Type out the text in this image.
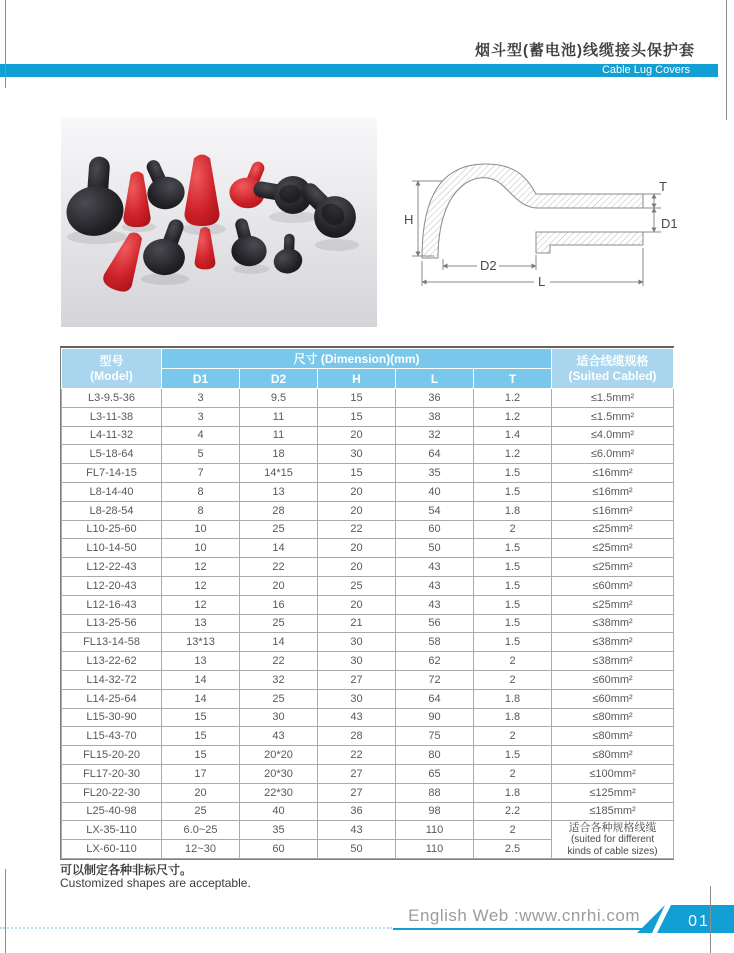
烟斗型(蓄电池)线缆接头保护套
Cable Lug Covers
H
D2
L
T
D1
型号
(Model)
	尺寸 (Dimension)(mm)	适合线缆规格
(Suited Cabled)

	D1	D2	H	L	T	
L3-9.5-36	3	9.5	15	36	1.2	≤1.5mm²
L3-11-38	3	11	15	38	1.2	≤1.5mm²
L4-11-32	4	11	20	32	1.4	≤4.0mm²
L5-18-64	5	18	30	64	1.2	≤6.0mm²
FL7-14-15	7	14*15	15	35	1.5	≤16mm²
L8-14-40	8	13	20	40	1.5	≤16mm²
L8-28-54	8	28	20	54	1.8	≤16mm²
L10-25-60	10	25	22	60	2	≤25mm²
L10-14-50	10	14	20	50	1.5	≤25mm²
L12-22-43	12	22	20	43	1.5	≤25mm²
L12-20-43	12	20	25	43	1.5	≤60mm²
L12-16-43	12	16	20	43	1.5	≤25mm²
L13-25-56	13	25	21	56	1.5	≤38mm²
FL13-14-58	13*13	14	30	58	1.5	≤38mm²
L13-22-62	13	22	30	62	2	≤38mm²
L14-32-72	14	32	27	72	2	≤60mm²
L14-25-64	14	25	30	64	1.8	≤60mm²
L15-30-90	15	30	43	90	1.8	≤80mm²
L15-43-70	15	43	28	75	2	≤80mm²
FL15-20-20	15	20*20	22	80	1.5	≤80mm²
FL17-20-30	17	20*30	27	65	2	≤100mm²
FL20-22-30	20	22*30	27	88	1.8	≤125mm²
L25-40-98	25	40	36	98	2.2	≤185mm²
LX-35-110	6.0~25	35	43	110	2	适合各种规格线缆
(suited for different
kinds of cable sizes)

LX-60-110	12~30	60	50	110	2.5	
可以制定各种非标尺寸。
Customized shapes are acceptable.
English Web :www.cnrhi.com	01
